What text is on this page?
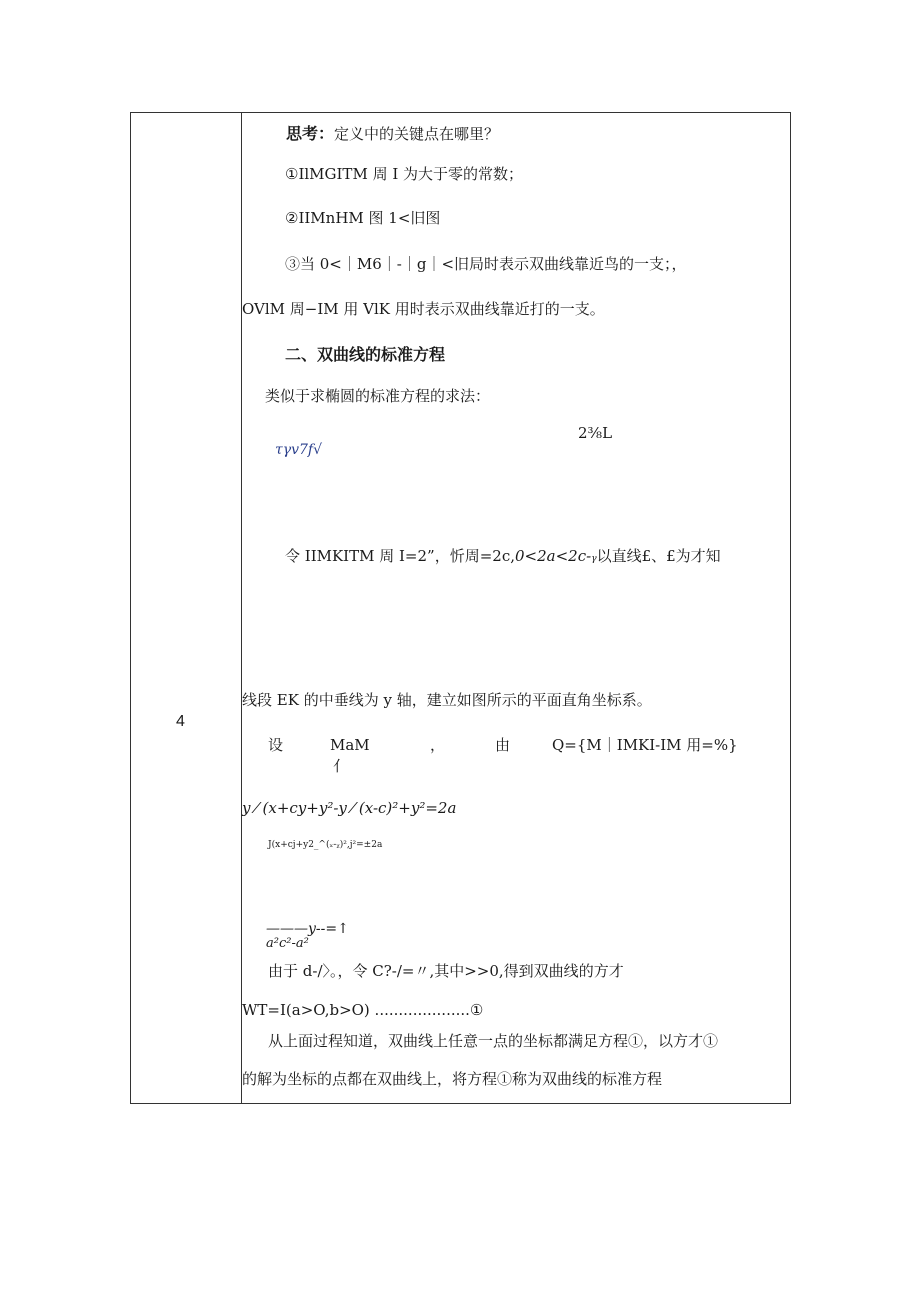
4
思考：定义中的关键点在哪里？
①IlMGITM 周 I 为大于零的常数；
②IIMnHM 图 1<旧图
③当 0<｜M6｜-｜g｜<旧局时表示双曲线靠近鸟的一支；，
OVlM 周−IM 用 VlK 用时表示双曲线靠近打的一支。
二、双曲线的标准方程
类似于求椭圆的标准方程的求法：
2⅜L
τγv7f√
令 IIMKITM 周 I=2”，忻周=2c,0<2a<2c-γ以直线£、£为才知
线段 EK 的中垂线为 y 轴，建立如图所示的平面直角坐标系。
设	MaM
亻
，	由	Q={M｜IMKI-IM 用=%}
y ⁄ (x+cy+y²-y ⁄ (x-c)²+y²=2a
J(x+cj+y2_^(ₓ-ᵪ)²,j²=±2a
———y--=↑
a²c²-a²
由于 d-/〉。，令 C?-/=〃,其中>>0,得到双曲线的方才
WT=I(a>O,b>O) ....................①
从上面过程知道，双曲线上任意一点的坐标都满足方程①，以方才①
的解为坐标的点都在双曲线上，将方程①称为双曲线的标准方程
